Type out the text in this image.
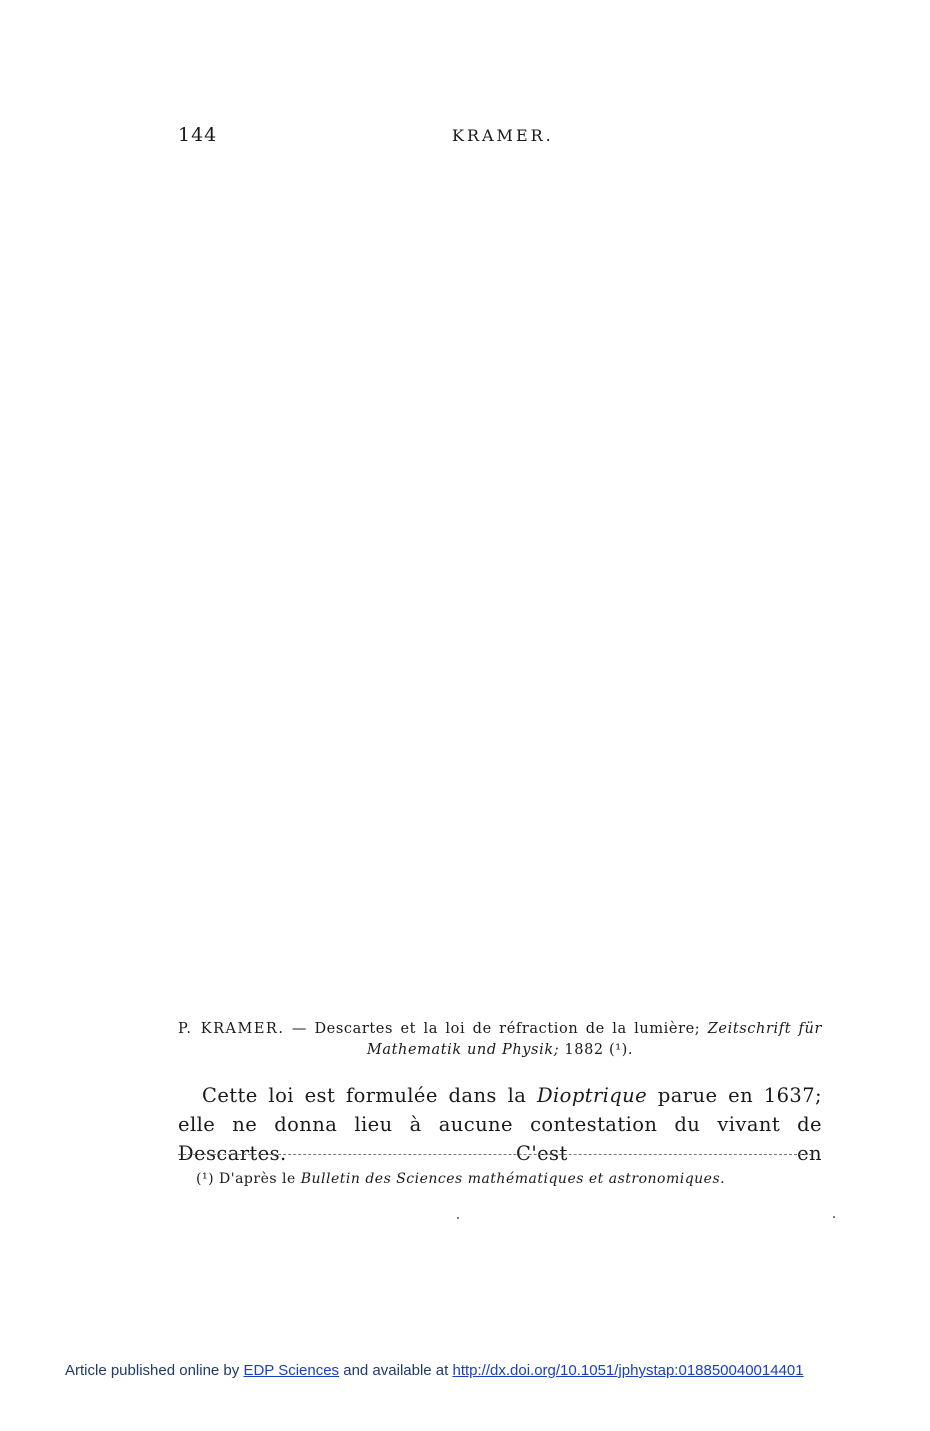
144	KRAMER.
P. KRAMER. — Descartes et la loi de réfraction de la lumière; Zeitschrift für Mathematik und Physik; 1882 (¹).
Cette loi est formulée dans la Dioptrique parue en 1637; elle ne donna lieu à aucune contestation du vivant de Descartes. C'est en
(¹) D'après le Bulletin des Sciences mathématiques et astronomiques.
Article published online by EDP Sciences and available at http://dx.doi.org/10.1051/jphystap:018850040014401
